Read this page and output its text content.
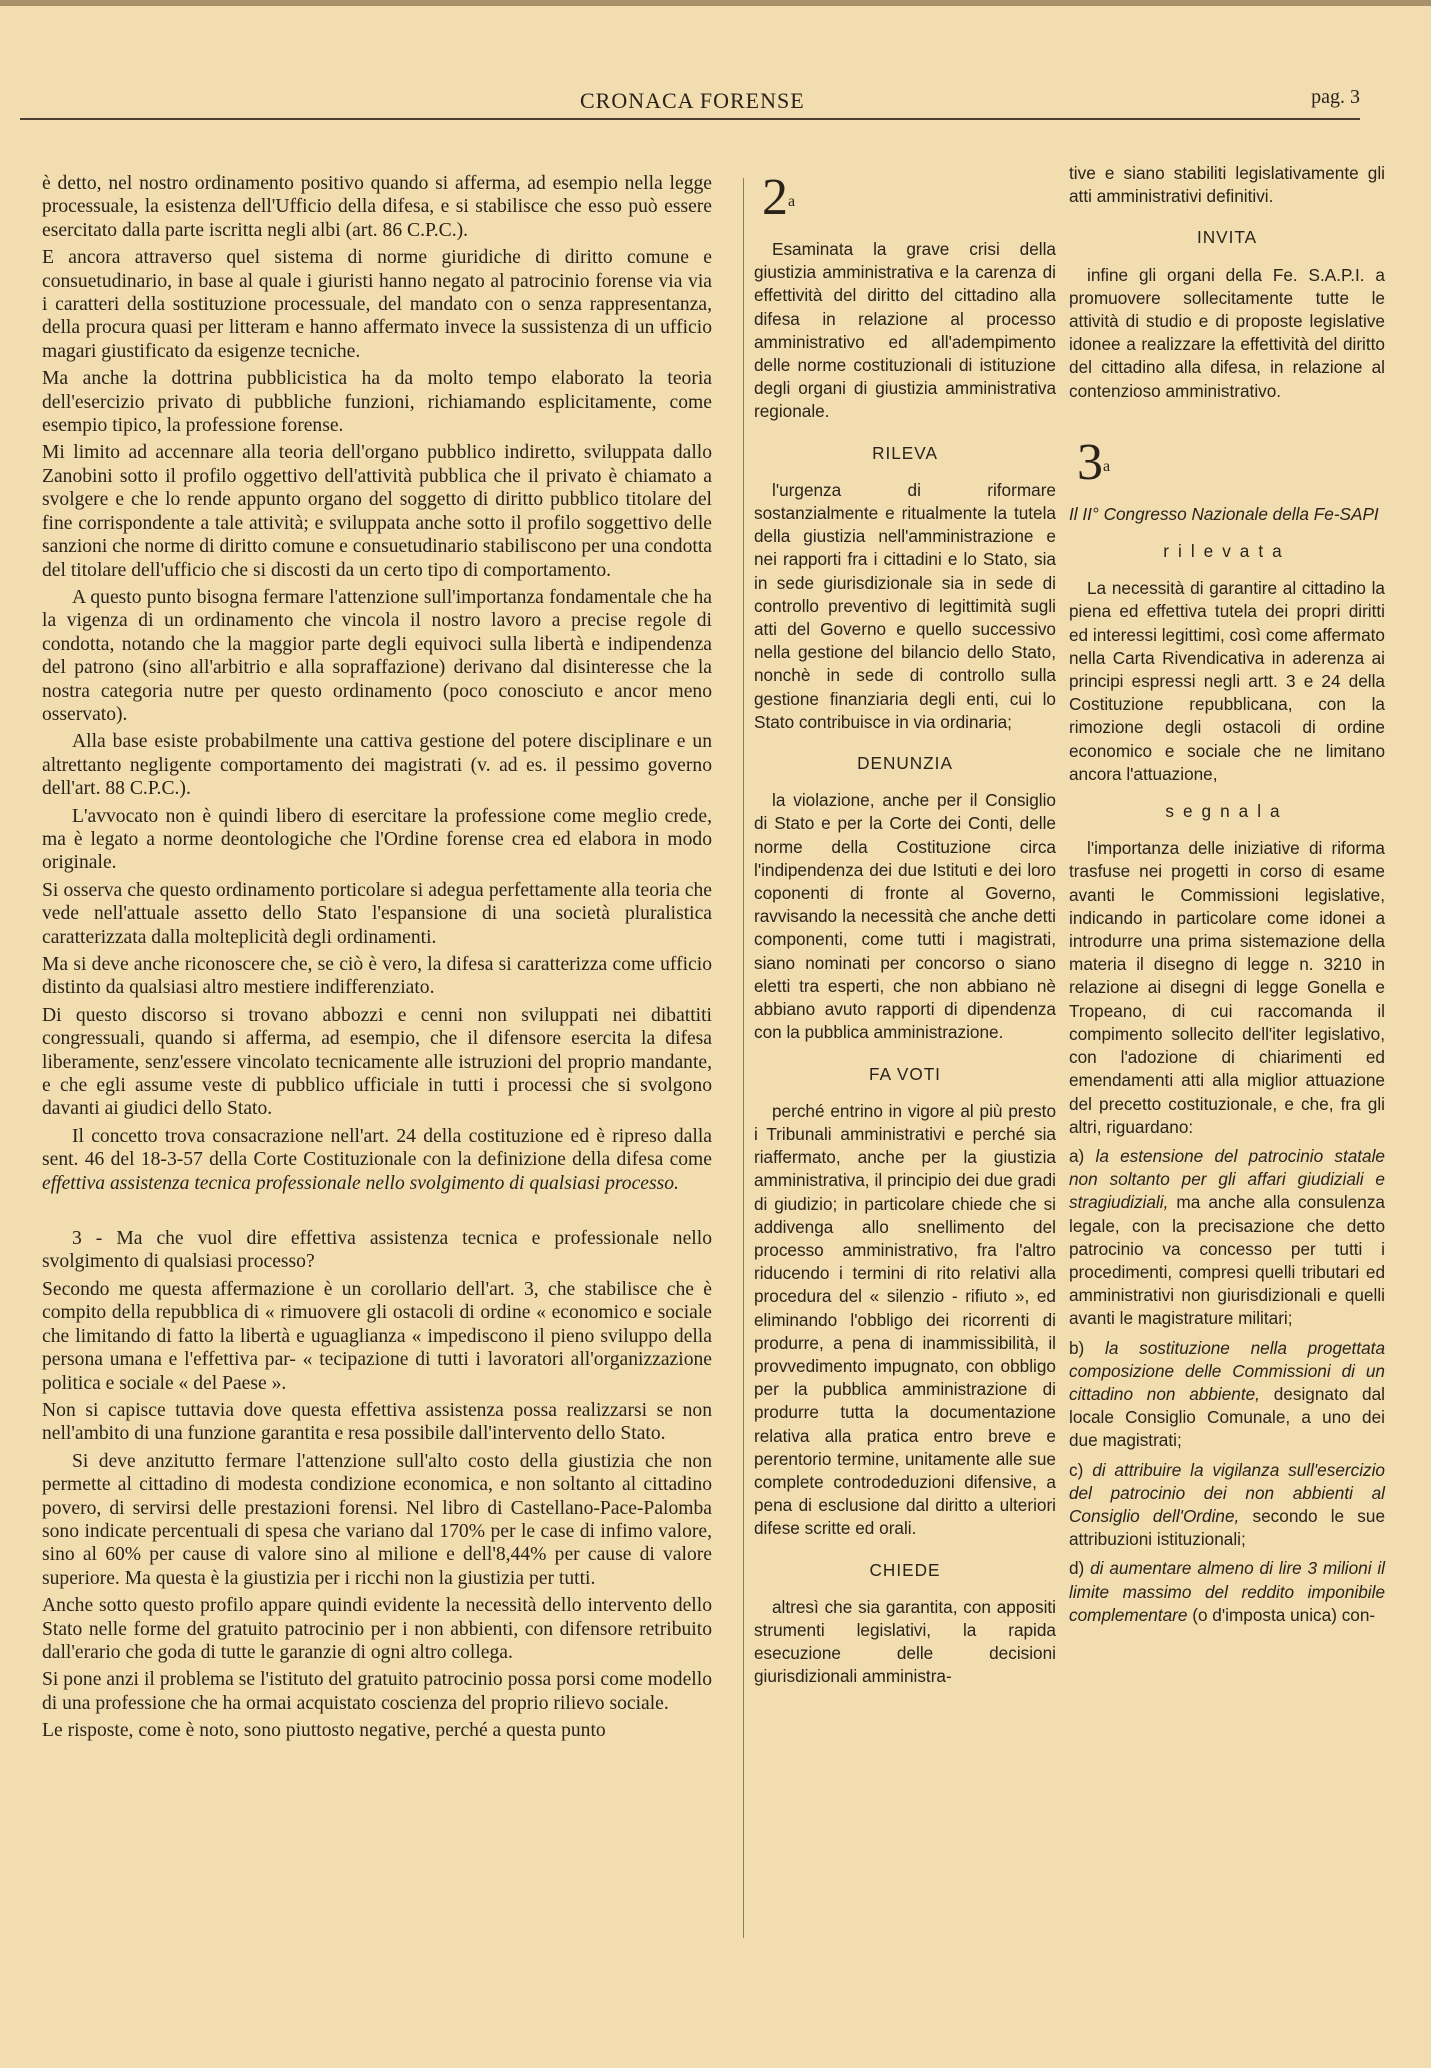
CRONACA FORENSE	pag. 3

è detto, nel nostro ordinamento positivo quando si afferma, ad esempio nella legge processuale, la esistenza dell'Ufficio della difesa, e si stabilisce che esso può essere esercitato dalla parte iscritta negli albi (art. 86 C.P.C.).

E ancora attraverso quel sistema di norme giuridiche di diritto comune e consuetudinario, in base al quale i giuristi hanno negato al patrocinio forense via via i caratteri della sostituzione processuale, del mandato con o senza rappresentanza, della procura quasi per litteram e hanno affermato invece la sussistenza di un ufficio magari giustificato da esigenze tecniche.

Ma anche la dottrina pubblicistica ha da molto tempo elaborato la teoria dell'esercizio privato di pubbliche funzioni, richiamando esplicitamente, come esempio tipico, la professione forense.

Mi limito ad accennare alla teoria dell'organo pubblico indiretto, sviluppata dallo Zanobini sotto il profilo oggettivo dell'attività pubblica che il privato è chiamato a svolgere e che lo rende appunto organo del soggetto di diritto pubblico titolare del fine corrispondente a tale attività; e sviluppata anche sotto il profilo soggettivo delle sanzioni che norme di diritto comune e consuetudinario stabiliscono per una condotta del titolare dell'ufficio che si discosti da un certo tipo di comportamento.

A questo punto bisogna fermare l'attenzione sull'importanza fondamentale che ha la vigenza di un ordinamento che vincola il nostro lavoro a precise regole di condotta, notando che la maggior parte degli equivoci sulla libertà e indipendenza del patrono (sino all'arbitrio e alla sopraffazione) derivano dal disinteresse che la nostra categoria nutre per questo ordinamento (poco conosciuto e ancor meno osservato).

Alla base esiste probabilmente una cattiva gestione del potere disciplinare e un altrettanto negligente comportamento dei magistrati (v. ad es. il pessimo governo dell'art. 88 C.P.C.).

L'avvocato non è quindi libero di esercitare la professione come meglio crede, ma è legato a norme deontologiche che l'Ordine forense crea ed elabora in modo originale.

Si osserva che questo ordinamento porticolare si adegua perfettamente alla teoria che vede nell'attuale assetto dello Stato l'espansione di una società pluralistica caratterizzata dalla molteplicità degli ordinamenti.

Ma si deve anche riconoscere che, se ciò è vero, la difesa si caratterizza come ufficio distinto da qualsiasi altro mestiere indifferenziato.

Di questo discorso si trovano abbozzi e cenni non sviluppati nei dibattiti congressuali, quando si afferma, ad esempio, che il difensore esercita la difesa liberamente, senz'essere vincolato tecnicamente alle istruzioni del proprio mandante, e che egli assume veste di pubblico ufficiale in tutti i processi che si svolgono davanti ai giudici dello Stato.

Il concetto trova consacrazione nell'art. 24 della costituzione ed è ripreso dalla sent. 46 del 18-3-57 della Corte Costituzionale con la definizione della difesa come effettiva assistenza tecnica professionale nello svolgimento di qualsiasi processo.

3 - Ma che vuol dire effettiva assistenza tecnica e professionale nello svolgimento di qualsiasi processo?

Secondo me questa affermazione è un corollario dell'art. 3, che stabilisce che è compito della repubblica di « rimuovere gli ostacoli di ordine « economico e sociale che limitando di fatto la libertà e uguaglianza « impediscono il pieno sviluppo della persona umana e l'effettiva par- « tecipazione di tutti i lavoratori all'organizzazione politica e sociale « del Paese ».

Non si capisce tuttavia dove questa effettiva assistenza possa realizzarsi se non nell'ambito di una funzione garantita e resa possibile dall'intervento dello Stato.

Si deve anzitutto fermare l'attenzione sull'alto costo della giustizia che non permette al cittadino di modesta condizione economica, e non soltanto al cittadino povero, di servirsi delle prestazioni forensi. Nel libro di Castellano-Pace-Palomba sono indicate percentuali di spesa che variano dal 170% per le case di infimo valore, sino al 60% per cause di valore sino al milione e dell'8,44% per cause di valore superiore. Ma questa è la giustizia per i ricchi non la giustizia per tutti.

Anche sotto questo profilo appare quindi evidente la necessità dello intervento dello Stato nelle forme del gratuito patrocinio per i non abbienti, con difensore retribuito dall'erario che goda di tutte le garanzie di ogni altro collega.

Si pone anzi il problema se l'istituto del gratuito patrocinio possa porsi come modello di una professione che ha ormai acquistato coscienza del proprio rilievo sociale.

Le risposte, come è noto, sono piuttosto negative, perché a questa punto

2$^a$

Esaminata la grave crisi della giustizia amministrativa e la carenza di effettività del diritto del cittadino alla difesa in relazione al processo amministrativo ed all'adempimento delle norme costituzionali di istituzione degli organi di giustizia amministrativa regionale.

RILEVA

l'urgenza di riformare sostanzialmente e ritualmente la tutela della giustizia nell'amministrazione e nei rapporti fra i cittadini e lo Stato, sia in sede giurisdizionale sia in sede di controllo preventivo di legittimità sugli atti del Governo e quello successivo nella gestione del bilancio dello Stato, nonchè in sede di controllo sulla gestione finanziaria degli enti, cui lo Stato contribuisce in via ordinaria;

DENUNZIA

la violazione, anche per il Consiglio di Stato e per la Corte dei Conti, delle norme della Costituzione circa l'indipendenza dei due Istituti e dei loro coponenti di fronte al Governo, ravvisando la necessità che anche detti componenti, come tutti i magistrati, siano nominati per concorso o siano eletti tra esperti, che non abbiano nè abbiano avuto rapporti di dipendenza con la pubblica amministrazione.

FA VOTI

perché entrino in vigore al più presto i Tribunali amministrativi e perché sia riaffermato, anche per la giustizia amministrativa, il principio dei due gradi di giudizio; in particolare chiede che si addivenga allo snellimento del processo amministrativo, fra l'altro riducendo i termini di rito relativi alla procedura del « silenzio - rifiuto », ed eliminando l'obbligo dei ricorrenti di produrre, a pena di inammissibilità, il provvedimento impugnato, con obbligo per la pubblica amministrazione di produrre tutta la documentazione relativa alla pratica entro breve e perentorio termine, unitamente alle sue complete controdeduzioni difensive, a pena di esclusione dal diritto a ulteriori difese scritte ed orali.

CHIEDE

altresì che sia garantita, con appositi strumenti legislativi, la rapida esecuzione delle decisioni giurisdizionali amministra-

tive e siano stabiliti legislativamente gli atti amministrativi definitivi.

INVITA

infine gli organi della Fe. S.A.P.I. a promuovere sollecitamente tutte le attività di studio e di proposte legislative idonee a realizzare la effettività del diritto del cittadino alla difesa, in relazione al contenzioso amministrativo.

3$^a$

Il II° Congresso Nazionale della Fe-SAPI

rilevata

La necessità di garantire al cittadino la piena ed effettiva tutela dei propri diritti ed interessi legittimi, così come affermato nella Carta Rivendicativa in aderenza ai principi espressi negli artt. 3 e 24 della Costituzione repubblicana, con la rimozione degli ostacoli di ordine economico e sociale che ne limitano ancora l'attuazione,

segnala

l'importanza delle iniziative di riforma trasfuse nei progetti in corso di esame avanti le Commissioni legislative, indicando in particolare come idonei a introdurre una prima sistemazione della materia il disegno di legge n. 3210 in relazione ai disegni di legge Gonella e Tropeano, di cui raccomanda il compimento sollecito dell'iter legislativo, con l'adozione di chiarimenti ed emendamenti atti alla miglior attuazione del precetto costituzionale, e che, fra gli altri, riguardano:

a) la estensione del patrocinio statale non soltanto per gli affari giudiziali e stragiudiziali, ma anche alla consulenza legale, con la precisazione che detto patrocinio va concesso per tutti i procedimenti, compresi quelli tributari ed amministrativi non giurisdizionali e quelli avanti le magistrature militari;

b) la sostituzione nella progettata composizione delle Commissioni di un cittadino non abbiente, designato dal locale Consiglio Comunale, a uno dei due magistrati;

c) di attribuire la vigilanza sull'esercizio del patrocinio dei non abbienti al Consiglio dell'Ordine, secondo le sue attribuzioni istituzionali;

d) di aumentare almeno di lire 3 milioni il limite massimo del reddito imponibile complementare (o d'imposta unica) con-
